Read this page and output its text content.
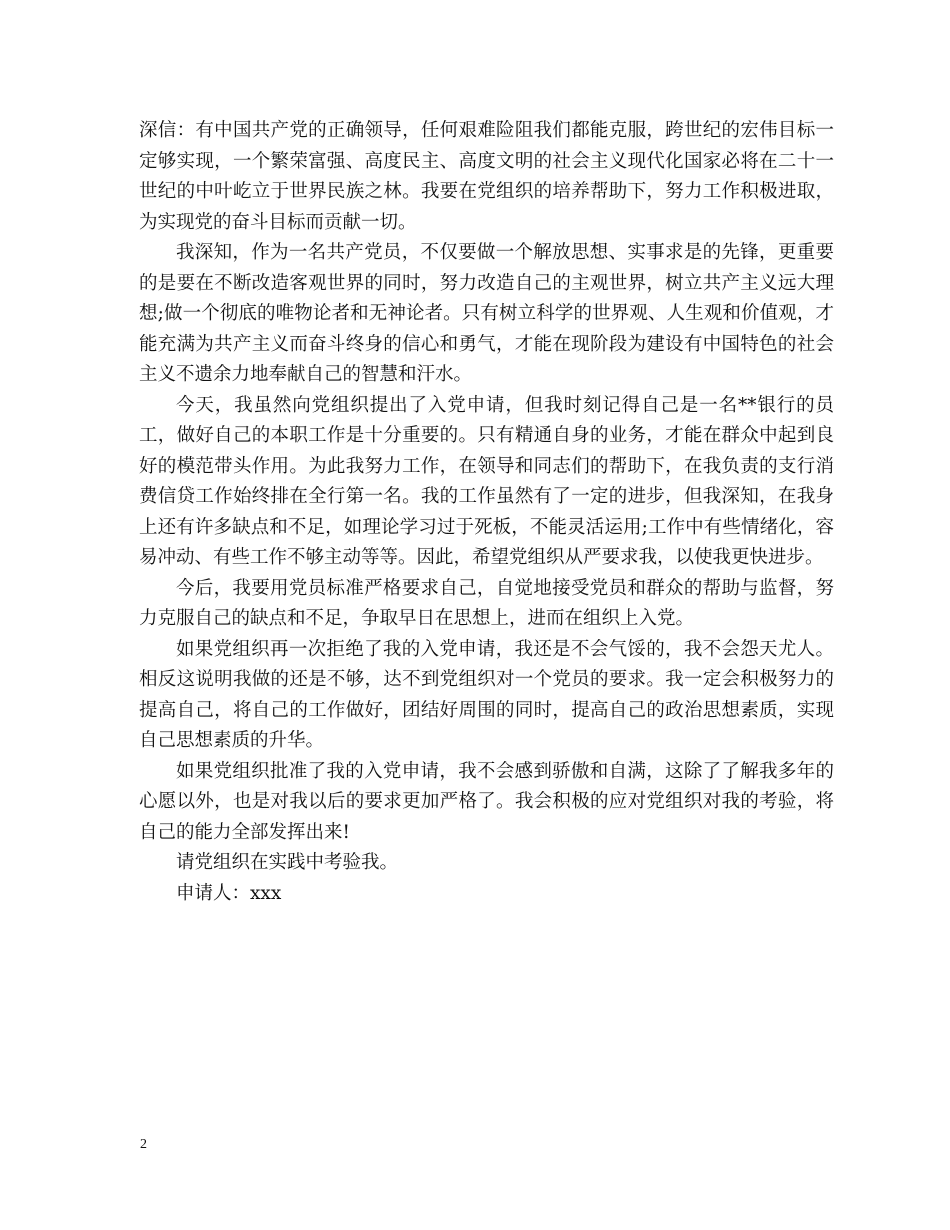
深信：有中国共产党的正确领导，任何艰难险阻我们都能克服，跨世纪的宏伟目标一定够实现，一个繁荣富强、高度民主、高度文明的社会主义现代化国家必将在二十一世纪的中叶屹立于世界民族之林。我要在党组织的培养帮助下，努力工作积极进取，为实现党的奋斗目标而贡献一切。

我深知，作为一名共产党员，不仅要做一个解放思想、实事求是的先锋，更重要的是要在不断改造客观世界的同时，努力改造自己的主观世界，树立共产主义远大理想;做一个彻底的唯物论者和无神论者。只有树立科学的世界观、人生观和价值观，才能充满为共产主义而奋斗终身的信心和勇气，才能在现阶段为建设有中国特色的社会主义不遗余力地奉献自己的智慧和汗水。

今天，我虽然向党组织提出了入党申请，但我时刻记得自己是一名**银行的员工，做好自己的本职工作是十分重要的。只有精通自身的业务，才能在群众中起到良好的模范带头作用。为此我努力工作，在领导和同志们的帮助下，在我负责的支行消费信贷工作始终排在全行第一名。我的工作虽然有了一定的进步，但我深知，在我身上还有许多缺点和不足，如理论学习过于死板，不能灵活运用;工作中有些情绪化，容易冲动、有些工作不够主动等等。因此，希望党组织从严要求我，以使我更快进步。

今后，我要用党员标准严格要求自己，自觉地接受党员和群众的帮助与监督，努力克服自己的缺点和不足，争取早日在思想上，进而在组织上入党。

如果党组织再一次拒绝了我的入党申请，我还是不会气馁的，我不会怨天尤人。相反这说明我做的还是不够，达不到党组织对一个党员的要求。我一定会积极努力的提高自己，将自己的工作做好，团结好周围的同时，提高自己的政治思想素质，实现自己思想素质的升华。

如果党组织批准了我的入党申请，我不会感到骄傲和自满，这除了了解我多年的心愿以外，也是对我以后的要求更加严格了。我会积极的应对党组织对我的考验，将自己的能力全部发挥出来!

请党组织在实践中考验我。

申请人：xxx

2
